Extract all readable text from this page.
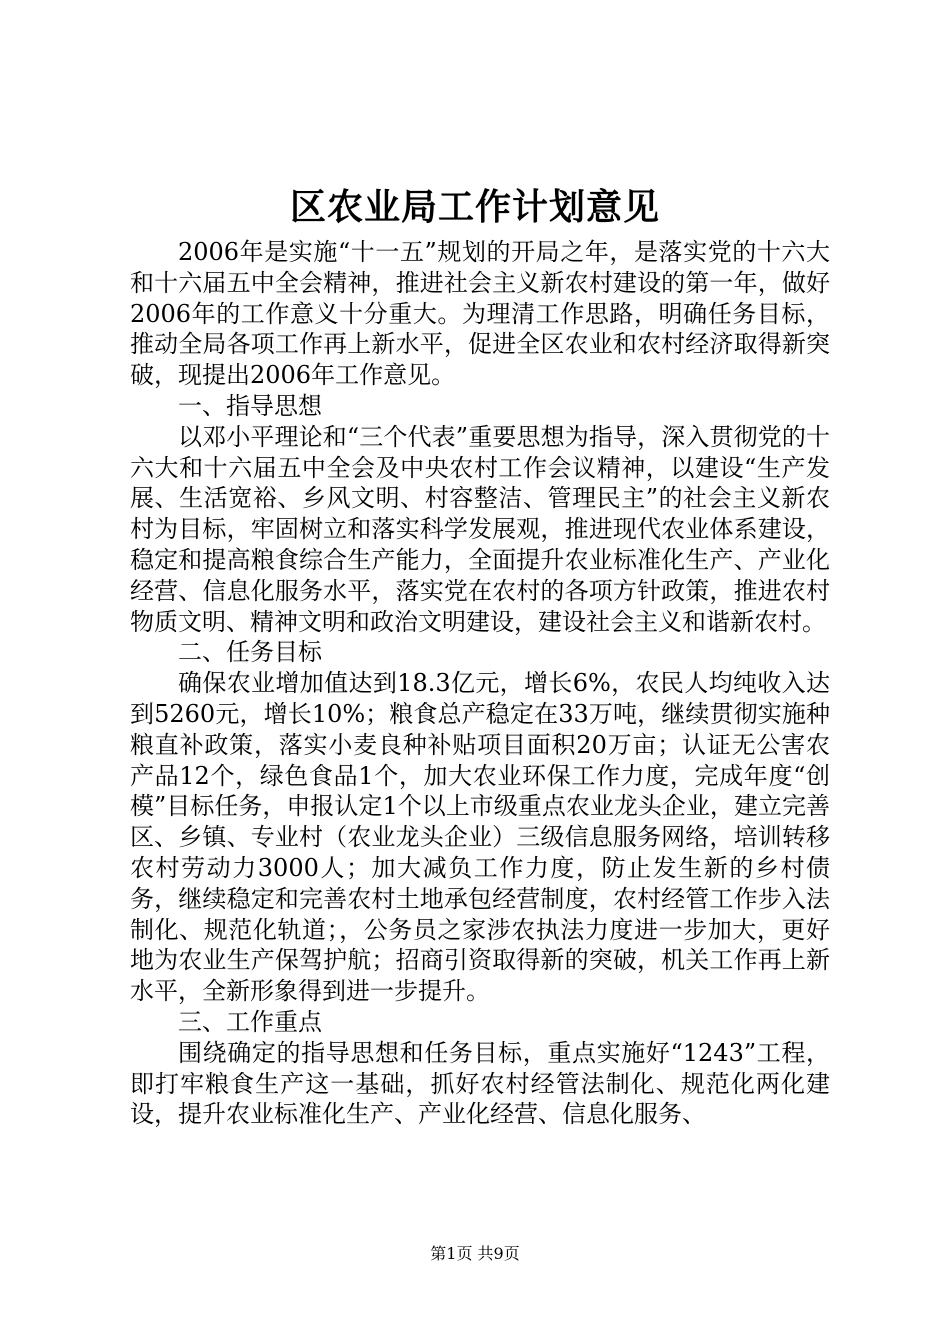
区农业局工作计划意见

2006年是实施“十一五”规划的开局之年，是落实党的十六大和十六届五中全会精神，推进社会主义新农村建设的第一年，做好2006年的工作意义十分重大。为理清工作思路，明确任务目标，推动全局各项工作再上新水平，促进全区农业和农村经济取得新突破，现提出2006年工作意见。

一、指导思想

以邓小平理论和“三个代表”重要思想为指导，深入贯彻党的十六大和十六届五中全会及中央农村工作会议精神，以建设“生产发展、生活宽裕、乡风文明、村容整洁、管理民主”的社会主义新农村为目标，牢固树立和落实科学发展观，推进现代农业体系建设，稳定和提高粮食综合生产能力，全面提升农业标准化生产、产业化经营、信息化服务水平，落实党在农村的各项方针政策，推进农村物质文明、精神文明和政治文明建设，建设社会主义和谐新农村。

二、任务目标

确保农业增加值达到18.3亿元，增长6%，农民人均纯收入达到5260元，增长10%；粮食总产稳定在33万吨，继续贯彻实施种粮直补政策，落实小麦良种补贴项目面积20万亩；认证无公害农产品12个，绿色食品1个，加大农业环保工作力度，完成年度“创模”目标任务，申报认定1个以上市级重点农业龙头企业，建立完善区、乡镇、专业村（农业龙头企业）三级信息服务网络，培训转移农村劳动力3000人；加大减负工作力度，防止发生新的乡村债务，继续稳定和完善农村土地承包经营制度，农村经管工作步入法制化、规范化轨道；，公务员之家涉农执法力度进一步加大，更好地为农业生产保驾护航；招商引资取得新的突破，机关工作再上新水平，全新形象得到进一步提升。

三、工作重点

围绕确定的指导思想和任务目标，重点实施好“1243”工程，即打牢粮食生产这一基础，抓好农村经管法制化、规范化两化建设，提升农业标准化生产、产业化经营、信息化服务、

第1页 共9页
